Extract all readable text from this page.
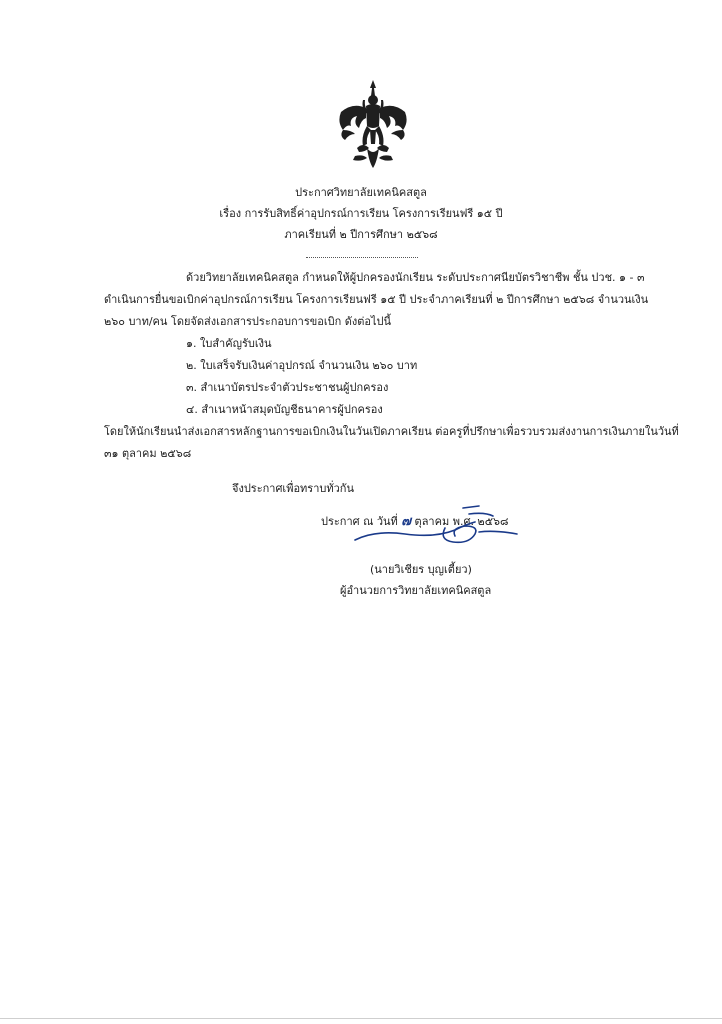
ประกาศวิทยาลัยเทคนิคสตูล
เรื่อง การรับสิทธิ์ค่าอุปกรณ์การเรียน โครงการเรียนฟรี ๑๕ ปี
ภาคเรียนที่ ๒ ปีการศึกษา ๒๕๖๘
ด้วยวิทยาลัยเทคนิคสตูล กำหนดให้ผู้ปกครองนักเรียน ระดับประกาศนียบัตรวิชาชีพ ชั้น ปวช. ๑ - ๓
ดำเนินการยื่นขอเบิกค่าอุปกรณ์การเรียน โครงการเรียนฟรี ๑๕ ปี ประจำภาคเรียนที่ ๒ ปีการศึกษา ๒๕๖๘ จำนวนเงิน
๒๖๐ บาท/คน โดยจัดส่งเอกสารประกอบการขอเบิก ดังต่อไปนี้
๑. ใบสำคัญรับเงิน
๒. ใบเสร็จรับเงินค่าอุปกรณ์ จำนวนเงิน ๒๖๐ บาท
๓. สำเนาบัตรประจำตัวประชาชนผู้ปกครอง
๔. สำเนาหน้าสมุดบัญชีธนาคารผู้ปกครอง
โดยให้นักเรียนนำส่งเอกสารหลักฐานการขอเบิกเงินในวันเปิดภาคเรียน ต่อครูที่ปรึกษาเพื่อรวบรวมส่งงานการเงินภายในวันที่
๓๑ ตุลาคม ๒๕๖๘
จึงประกาศเพื่อทราบทั่วกัน
ประกาศ ณ วันที่ ๗ ตุลาคม พ.ศ. ๒๕๖๘
(นายวิเชียร บุญเตี้ยว)
ผู้อำนวยการวิทยาลัยเทคนิคสตูล
